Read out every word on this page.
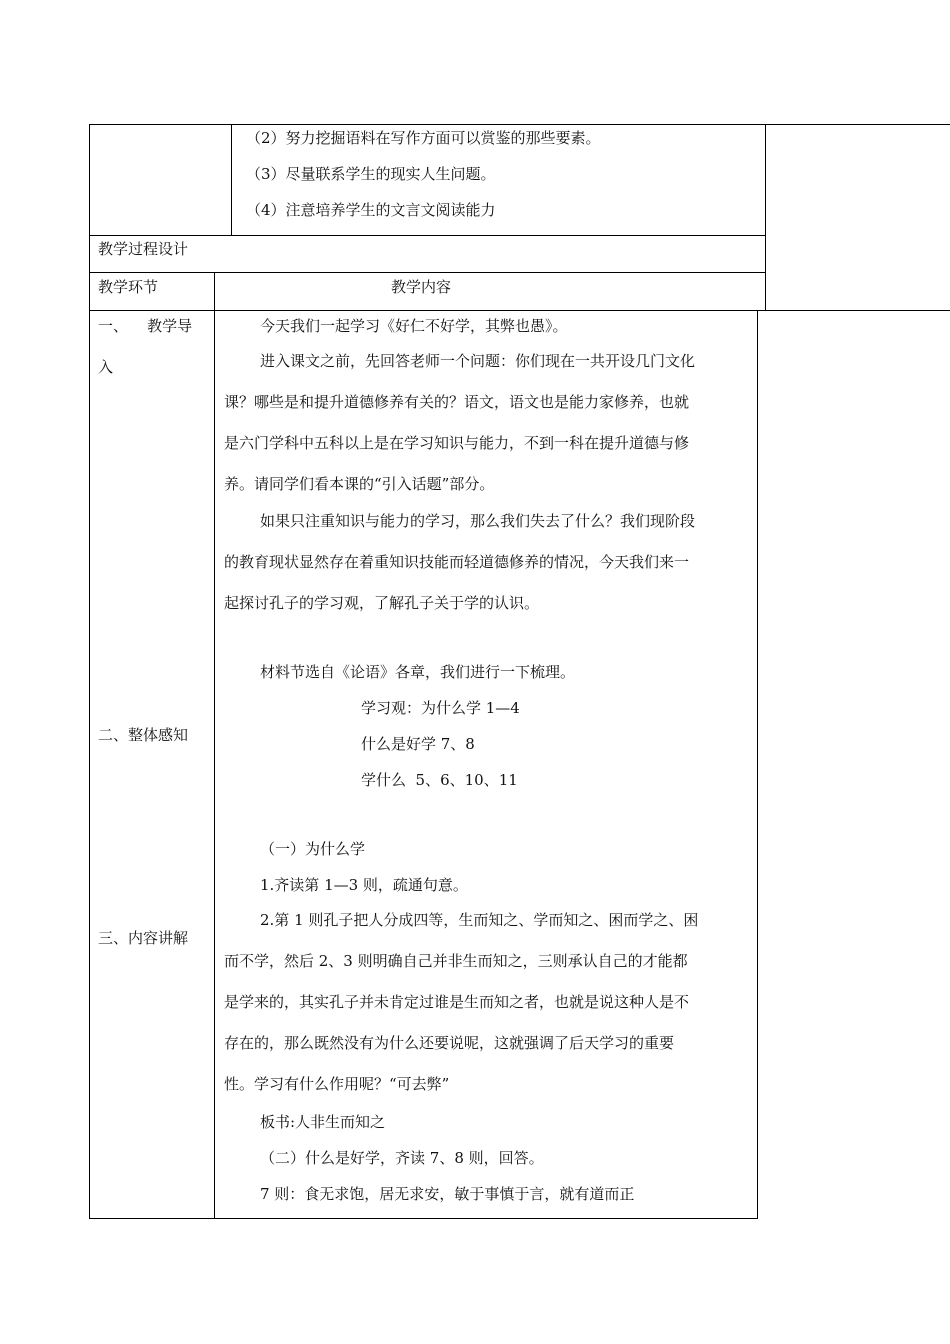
（2）努力挖掘语料在写作方面可以赏鉴的那些要素。
（3）尽量联系学生的现实人生问题。
（4）注意培养学生的文言文阅读能力
教学过程设计
教学环节	教学内容
一、    教学导
入
二、整体感知
三、内容讲解
今天我们一起学习《好仁不好学，其弊也愚》。
进入课文之前，先回答老师一个问题：你们现在一共开设几门文化
课？哪些是和提升道德修养有关的？语文，语文也是能力家修养，也就
是六门学科中五科以上是在学习知识与能力，不到一科在提升道德与修
养。请同学们看本课的“引入话题”部分。
如果只注重知识与能力的学习，那么我们失去了什么？我们现阶段
的教育现状显然存在着重知识技能而轻道德修养的情况，今天我们来一
起探讨孔子的学习观，了解孔子关于学的认识。
材料节选自《论语》各章，我们进行一下梳理。
学习观：为什么学 1—4
什么是好学 7、8
学什么  5、6、10、11
（一）为什么学
1.齐读第 1—3 则，疏通句意。
2.第 1 则孔子把人分成四等，生而知之、学而知之、困而学之、困
而不学，然后 2、3 则明确自己并非生而知之，三则承认自己的才能都
是学来的，其实孔子并未肯定过谁是生而知之者，也就是说这种人是不
存在的，那么既然没有为什么还要说呢，这就强调了后天学习的重要
性。学习有什么作用呢？“可去弊”
板书:人非生而知之
（二）什么是好学，齐读 7、8 则，回答。
7 则：食无求饱，居无求安，敏于事慎于言，就有道而正
